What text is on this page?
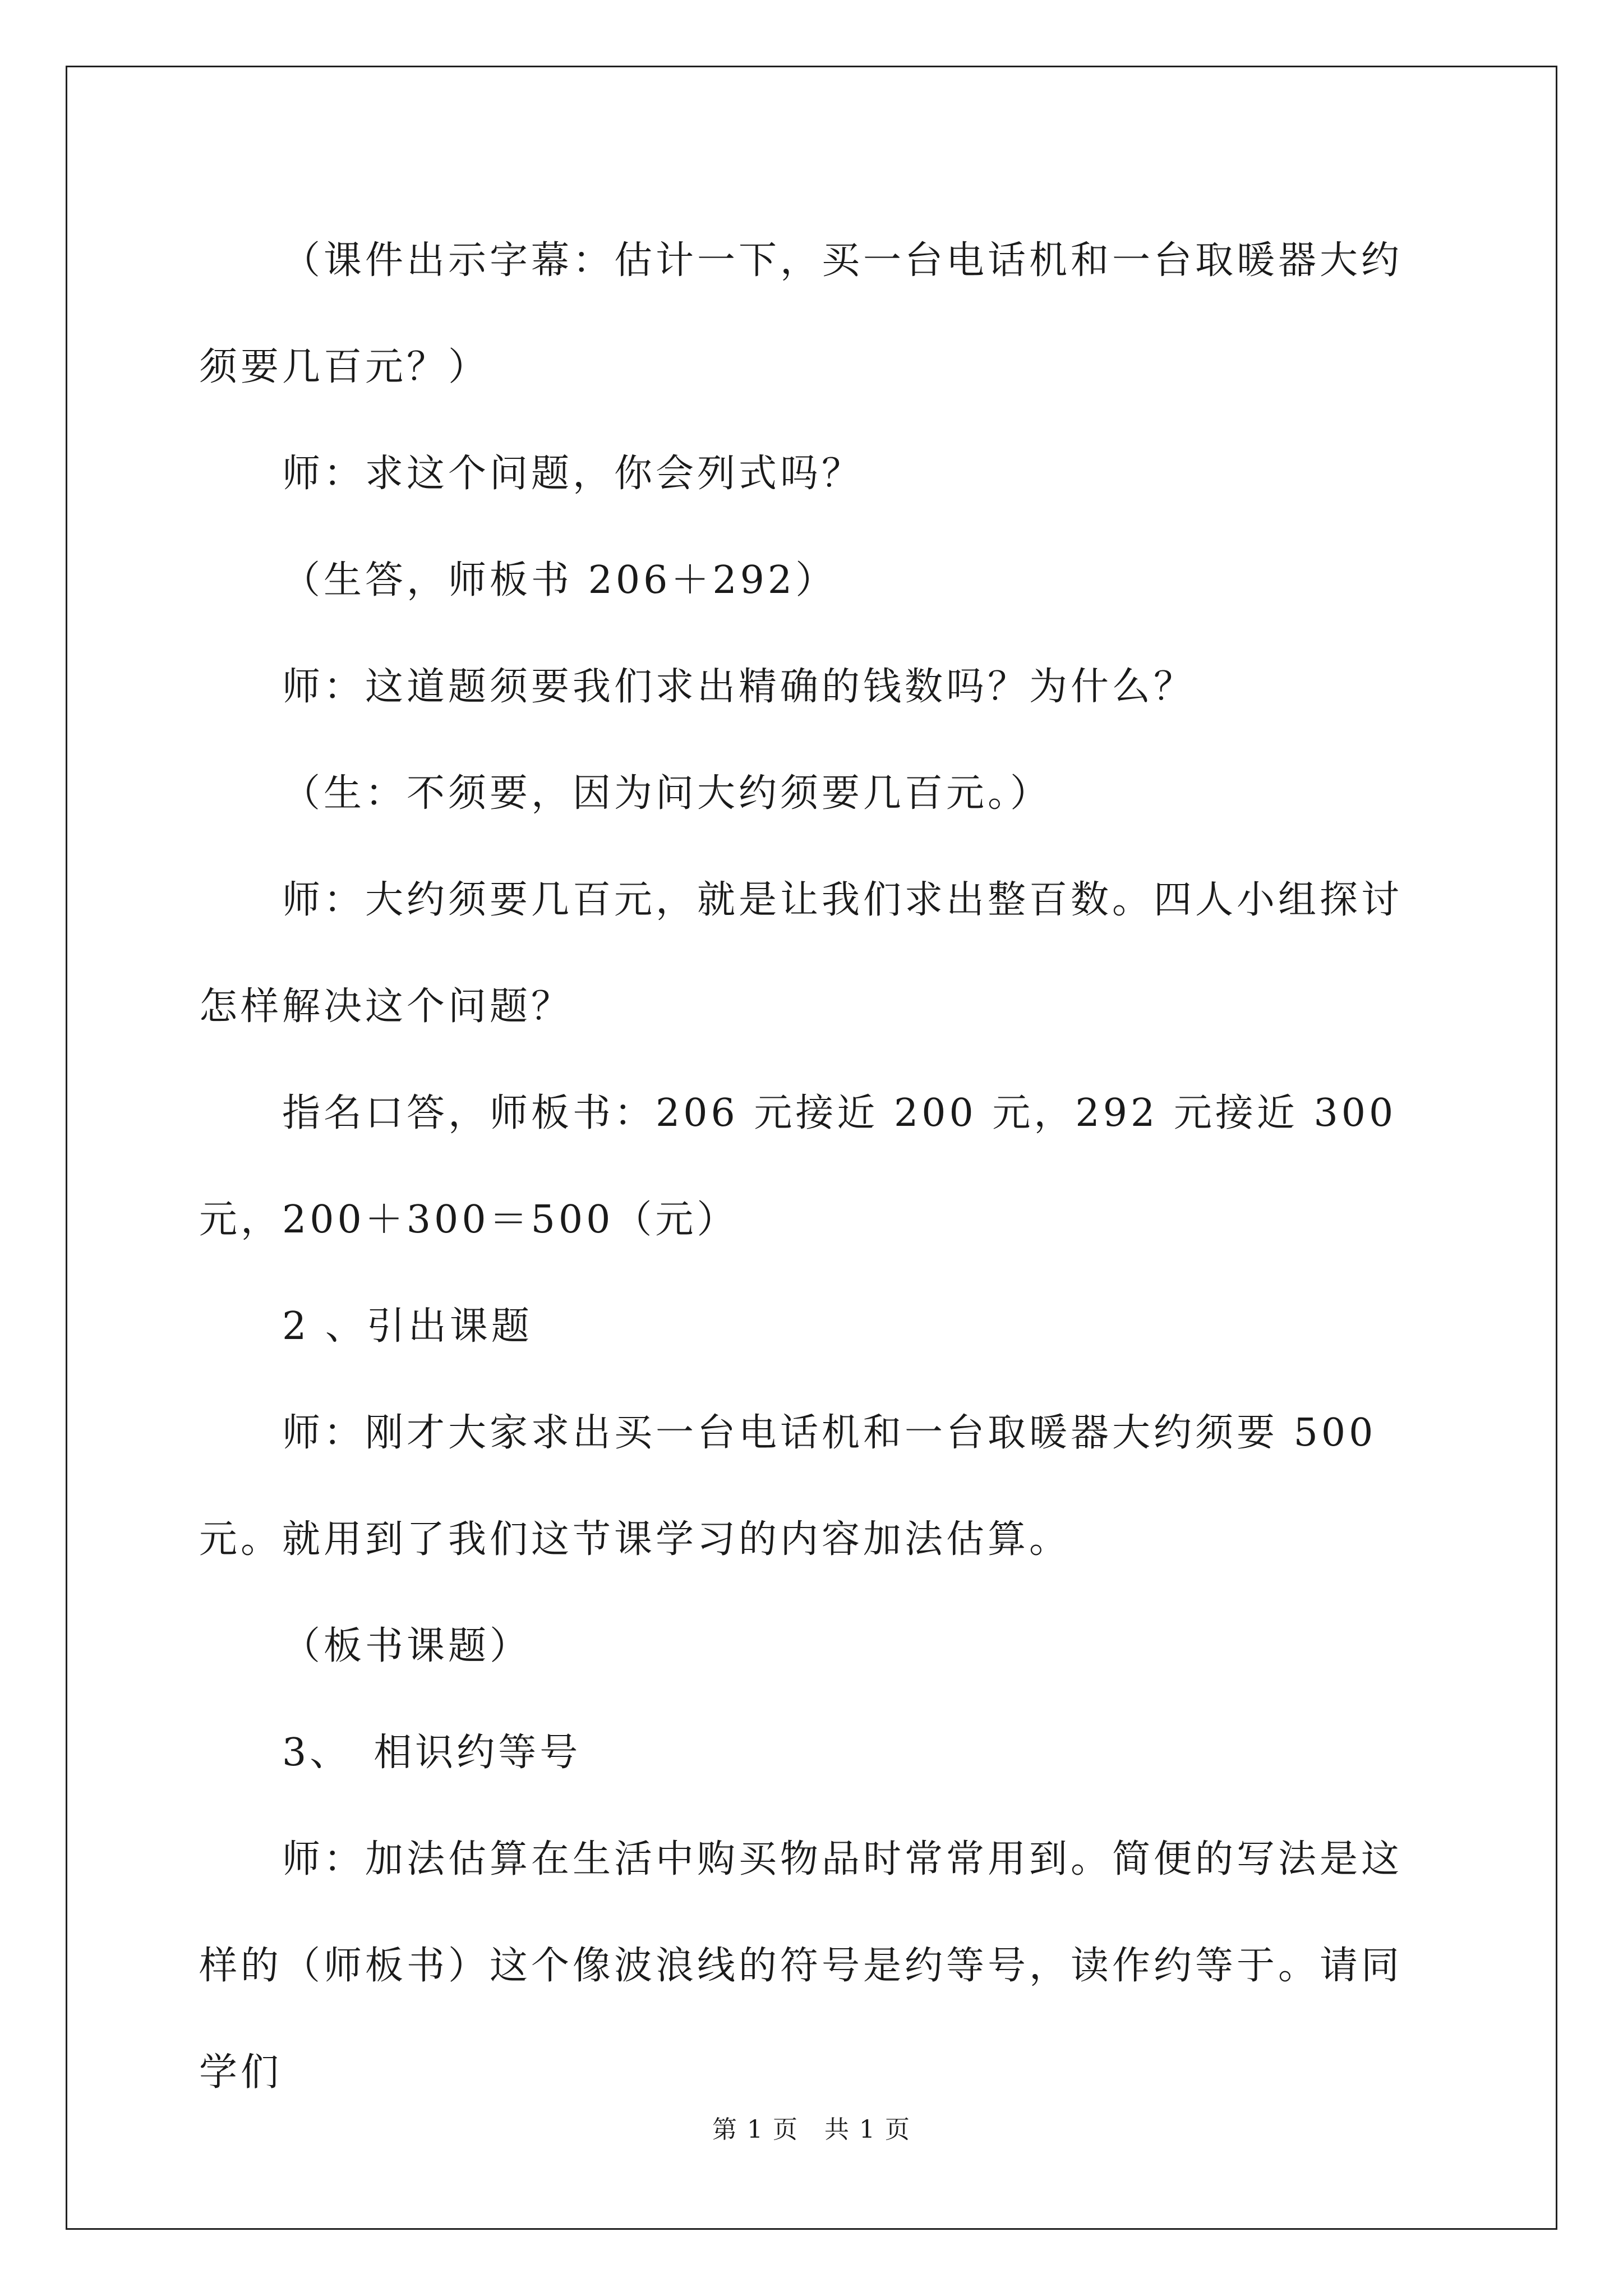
（课件出示字幕：估计一下，买一台电话机和一台取暖器大约须要几百元？）

师：求这个问题，你会列式吗？

（生答，师板书 206＋292）

师：这道题须要我们求出精确的钱数吗？为什么？

（生：不须要，因为问大约须要几百元。）

师：大约须要几百元，就是让我们求出整百数。四人小组探讨怎样解决这个问题？

指名口答，师板书：206 元接近 200 元，292 元接近 300 元，200＋300＝500（元）

2 、引出课题

师：刚才大家求出买一台电话机和一台取暖器大约须要 500 元。就用到了我们这节课学习的内容加法估算。

（板书课题）

3、　相识约等号

师：加法估算在生活中购买物品时常常用到。简便的写法是这样的（师板书）这个像波浪线的符号是约等号，读作约等于。请同学们

第 1 页　共 1 页
